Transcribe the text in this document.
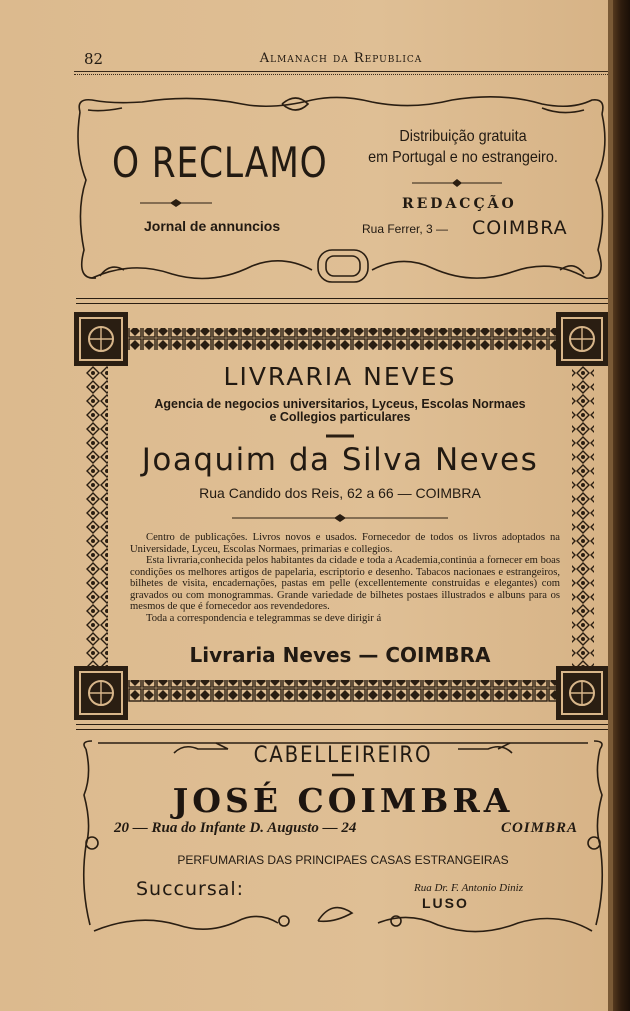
82	Almanach da Republica
O RECLAMO
Jornal de annuncios
Distribuição gratuita
em Portugal e no estrangeiro.
REDACÇÃO
Rua Ferrer, 3 — COIMBRA
LIVRARIA NEVES
Agencia de negocios universitarios, Lyceus, Escolas Normaes
e Collegios particulares
Joaquim da Silva Neves
Rua Candido dos Reis, 62 a 66 — COIMBRA

Centro de publicações. Livros novos e usados. Fornecedor de todos os livros adoptados na Universidade, Lyceu, Escolas Normaes, primarias e collegios.

Esta livraria,conhecida pelos habitantes da cidade e toda a Academia,continúa a fornecer em boas condições os melhores artigos de papelaria, escriptorio e desenho. Tabacos nacionaes e estrangeiros, bilhetes de visita, encadernações, pastas em pelle (excellentemente construidas e elegantes) com gravados ou com monogrammas. Grande variedade de bilhetes postaes illustrados e albuns para os mesmos de que é fornecedor aos revendedores.

Toda a correspondencia e telegrammas se deve dirigir á

Livraria Neves — COIMBRA
CABELLEIREIRO
JOSÉ COIMBRA
20 — Rua do Infante D. Augusto — 24	COIMBRA
PERFUMARIAS DAS PRINCIPAES CASAS ESTRANGEIRAS
Succursal:	Rua Dr. F. Antonio Diniz
LUSO
